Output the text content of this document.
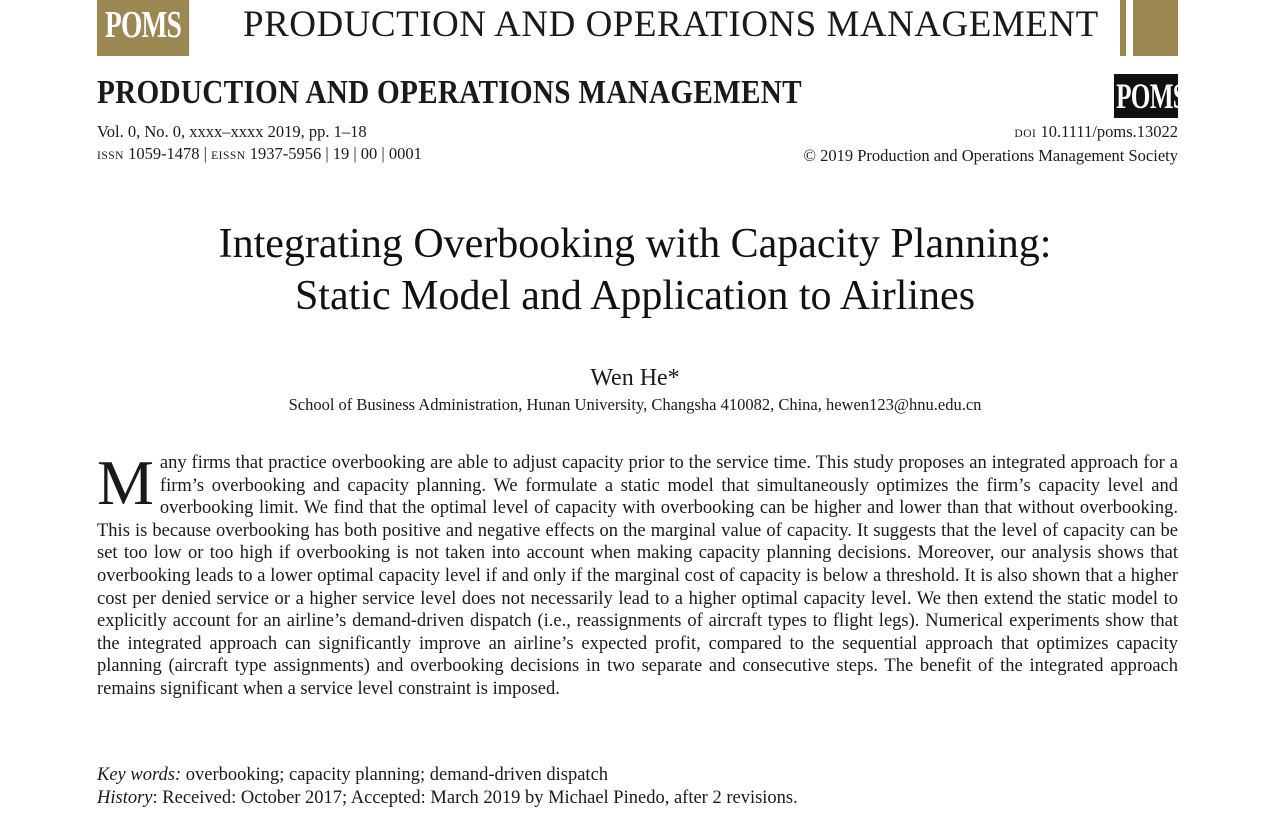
POMS PRODUCTION AND OPERATIONS MANAGEMENT
PRODUCTION AND OPERATIONS MANAGEMENT	POMS
Vol. 0, No. 0, xxxx–xxxx 2019, pp. 1–18
ISSN 1059-1478 | EISSN 1937-5956 | 19 | 00 | 0001
DOI 10.1111/poms.13022
© 2019 Production and Operations Management Society
Integrating Overbooking with Capacity Planning:
Static Model and Application to Airlines
Wen He*
School of Business Administration, Hunan University, Changsha 410082, China, hewen123@hnu.edu.cn
Many firms that practice overbooking are able to adjust capacity prior to the service time. This study proposes an integrated approach for a firm’s overbooking and capacity planning. We formulate a static model that simultaneously optimizes the firm’s capacity level and overbooking limit. We find that the optimal level of capacity with overbooking can be higher and lower than that without overbooking. This is because overbooking has both positive and negative effects on the marginal value of capacity. It suggests that the level of capacity can be set too low or too high if overbooking is not taken into account when making capacity planning decisions. Moreover, our analysis shows that overbooking leads to a lower optimal capacity level if and only if the marginal cost of capacity is below a threshold. It is also shown that a higher cost per denied service or a higher service level does not necessarily lead to a higher optimal capacity level. We then extend the static model to explicitly account for an airline’s demand-driven dispatch (i.e., reassignments of aircraft types to flight legs). Numerical experiments show that the integrated approach can significantly improve an airline’s expected profit, compared to the sequential approach that optimizes capacity planning (aircraft type assignments) and overbooking decisions in two separate and consecutive steps. The benefit of the integrated approach remains significant when a service level constraint is imposed.
Key words: overbooking; capacity planning; demand-driven dispatch
History: Received: October 2017; Accepted: March 2019 by Michael Pinedo, after 2 revisions.
